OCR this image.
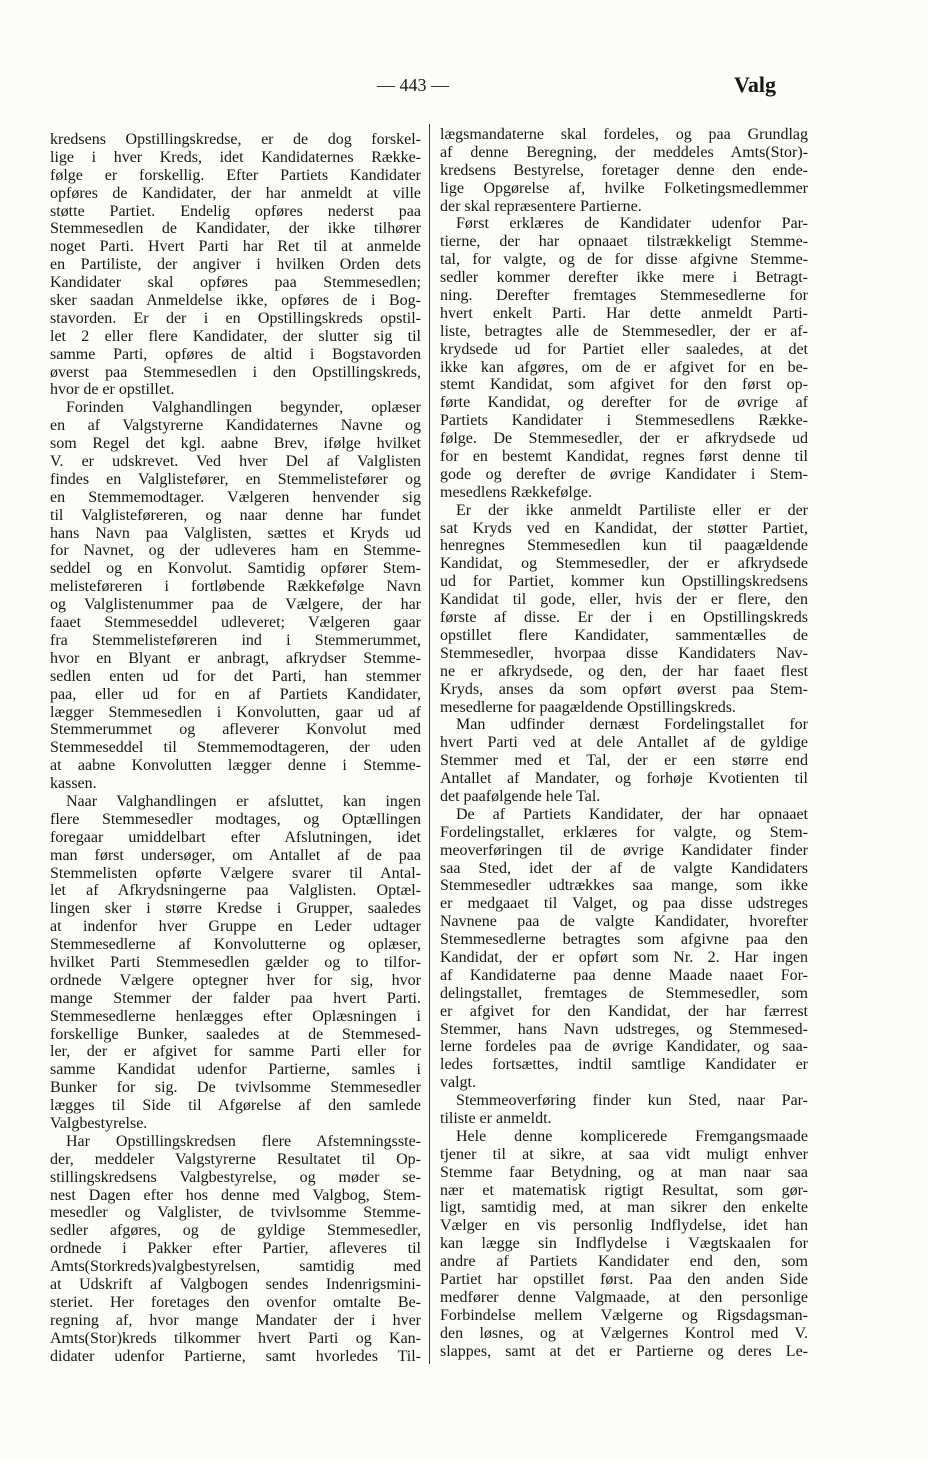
— 443 —	Valg
kredsens Opstillingskredse, er de dog forskel-
lige i hver Kreds, idet Kandidaternes Række-
følge er forskellig. Efter Partiets Kandidater
opføres de Kandidater, der har anmeldt at ville
støtte Partiet. Endelig opføres nederst paa
Stemmesedlen de Kandidater, der ikke tilhører
noget Parti. Hvert Parti har Ret til at anmelde
en Partiliste, der angiver i hvilken Orden dets
Kandidater skal opføres paa Stemmesedlen;
sker saadan Anmeldelse ikke, opføres de i Bog-
stavorden. Er der i en Opstillingskreds opstil-
let 2 eller flere Kandidater, der slutter sig til
samme Parti, opføres de altid i Bogstavorden
øverst paa Stemmesedlen i den Opstillingskreds,
hvor de er opstillet.
Forinden Valghandlingen begynder, oplæser
en af Valgstyrerne Kandidaternes Navne og
som Regel det kgl. aabne Brev, ifølge hvilket
V. er udskrevet. Ved hver Del af Valglisten
findes en Valglistefører, en Stemmelistefører og
en Stemmemodtager. Vælgeren henvender sig
til Valglisteføreren, og naar denne har fundet
hans Navn paa Valglisten, sættes et Kryds ud
for Navnet, og der udleveres ham en Stemme-
seddel og en Konvolut. Samtidig opfører Stem-
melisteføreren i fortløbende Rækkefølge Navn
og Valglistenummer paa de Vælgere, der har
faaet Stemmeseddel udleveret; Vælgeren gaar
fra Stemmelisteføreren ind i Stemmerummet,
hvor en Blyant er anbragt, afkrydser Stemme-
sedlen enten ud for det Parti, han stemmer
paa, eller ud for en af Partiets Kandidater,
lægger Stemmesedlen i Konvolutten, gaar ud af
Stemmerummet og afleverer Konvolut med
Stemmeseddel til Stemmemodtageren, der uden
at aabne Konvolutten lægger denne i Stemme-
kassen.
Naar Valghandlingen er afsluttet, kan ingen
flere Stemmesedler modtages, og Optællingen
foregaar umiddelbart efter Afslutningen, idet
man først undersøger, om Antallet af de paa
Stemmelisten opførte Vælgere svarer til Antal-
let af Afkrydsningerne paa Valglisten. Optæl-
lingen sker i større Kredse i Grupper, saaledes
at indenfor hver Gruppe en Leder udtager
Stemmesedlerne af Konvolutterne og oplæser,
hvilket Parti Stemmesedlen gælder og to tilfor-
ordnede Vælgere optegner hver for sig, hvor
mange Stemmer der falder paa hvert Parti.
Stemmesedlerne henlægges efter Oplæsningen i
forskellige Bunker, saaledes at de Stemmesed-
ler, der er afgivet for samme Parti eller for
samme Kandidat udenfor Partierne, samles i
Bunker for sig. De tvivlsomme Stemmesedler
lægges til Side til Afgørelse af den samlede
Valgbestyrelse.
Har Opstillingskredsen flere Afstemningsste-
der, meddeler Valgstyrerne Resultatet til Op-
stillingskredsens Valgbestyrelse, og møder se-
nest Dagen efter hos denne med Valgbog, Stem-
mesedler og Valglister, de tvivlsomme Stemme-
sedler afgøres, og de gyldige Stemmesedler,
ordnede i Pakker efter Partier, afleveres til
Amts(Storkreds)valgbestyrelsen, samtidig med
at Udskrift af Valgbogen sendes Indenrigsmini-
steriet. Her foretages den ovenfor omtalte Be-
regning af, hvor mange Mandater der i hver
Amts(Stor)kreds tilkommer hvert Parti og Kan-
didater udenfor Partierne, samt hvorledes Til-
lægsmandaterne skal fordeles, og paa Grundlag
af denne Beregning, der meddeles Amts(Stor)-
kredsens Bestyrelse, foretager denne den ende-
lige Opgørelse af, hvilke Folketingsmedlemmer
der skal repræsentere Partierne.
Først erklæres de Kandidater udenfor Par-
tierne, der har opnaaet tilstrækkeligt Stemme-
tal, for valgte, og de for disse afgivne Stemme-
sedler kommer derefter ikke mere i Betragt-
ning. Derefter fremtages Stemmesedlerne for
hvert enkelt Parti. Har dette anmeldt Parti-
liste, betragtes alle de Stemmesedler, der er af-
krydsede ud for Partiet eller saaledes, at det
ikke kan afgøres, om de er afgivet for en be-
stemt Kandidat, som afgivet for den først op-
førte Kandidat, og derefter for de øvrige af
Partiets Kandidater i Stemmesedlens Række-
følge. De Stemmesedler, der er afkrydsede ud
for en bestemt Kandidat, regnes først denne til
gode og derefter de øvrige Kandidater i Stem-
mesedlens Rækkefølge.
Er der ikke anmeldt Partiliste eller er der
sat Kryds ved en Kandidat, der støtter Partiet,
henregnes Stemmesedlen kun til paagældende
Kandidat, og Stemmesedler, der er afkrydsede
ud for Partiet, kommer kun Opstillingskredsens
Kandidat til gode, eller, hvis der er flere, den
første af disse. Er der i en Opstillingskreds
opstillet flere Kandidater, sammentælles de
Stemmesedler, hvorpaa disse Kandidaters Nav-
ne er afkrydsede, og den, der har faaet flest
Kryds, anses da som opført øverst paa Stem-
mesedlerne for paagældende Opstillingskreds.
Man udfinder dernæst Fordelingstallet for
hvert Parti ved at dele Antallet af de gyldige
Stemmer med et Tal, der er een større end
Antallet af Mandater, og forhøje Kvotienten til
det paafølgende hele Tal.
De af Partiets Kandidater, der har opnaaet
Fordelingstallet, erklæres for valgte, og Stem-
meoverføringen til de øvrige Kandidater finder
saa Sted, idet der af de valgte Kandidaters
Stemmesedler udtrækkes saa mange, som ikke
er medgaaet til Valget, og paa disse udstreges
Navnene paa de valgte Kandidater, hvorefter
Stemmesedlerne betragtes som afgivne paa den
Kandidat, der er opført som Nr. 2. Har ingen
af Kandidaterne paa denne Maade naaet For-
delingstallet, fremtages de Stemmesedler, som
er afgivet for den Kandidat, der har færrest
Stemmer, hans Navn udstreges, og Stemmesed-
lerne fordeles paa de øvrige Kandidater, og saa-
ledes fortsættes, indtil samtlige Kandidater er
valgt.
Stemmeoverføring finder kun Sted, naar Par-
tiliste er anmeldt.
Hele denne komplicerede Fremgangsmaade
tjener til at sikre, at saa vidt muligt enhver
Stemme faar Betydning, og at man naar saa
nær et matematisk rigtigt Resultat, som gør-
ligt, samtidig med, at man sikrer den enkelte
Vælger en vis personlig Indflydelse, idet han
kan lægge sin Indflydelse i Vægtskaalen for
andre af Partiets Kandidater end den, som
Partiet har opstillet først. Paa den anden Side
medfører denne Valgmaade, at den personlige
Forbindelse mellem Vælgerne og Rigsdagsman-
den løsnes, og at Vælgernes Kontrol med V.
slappes, samt at det er Partierne og deres Le-
